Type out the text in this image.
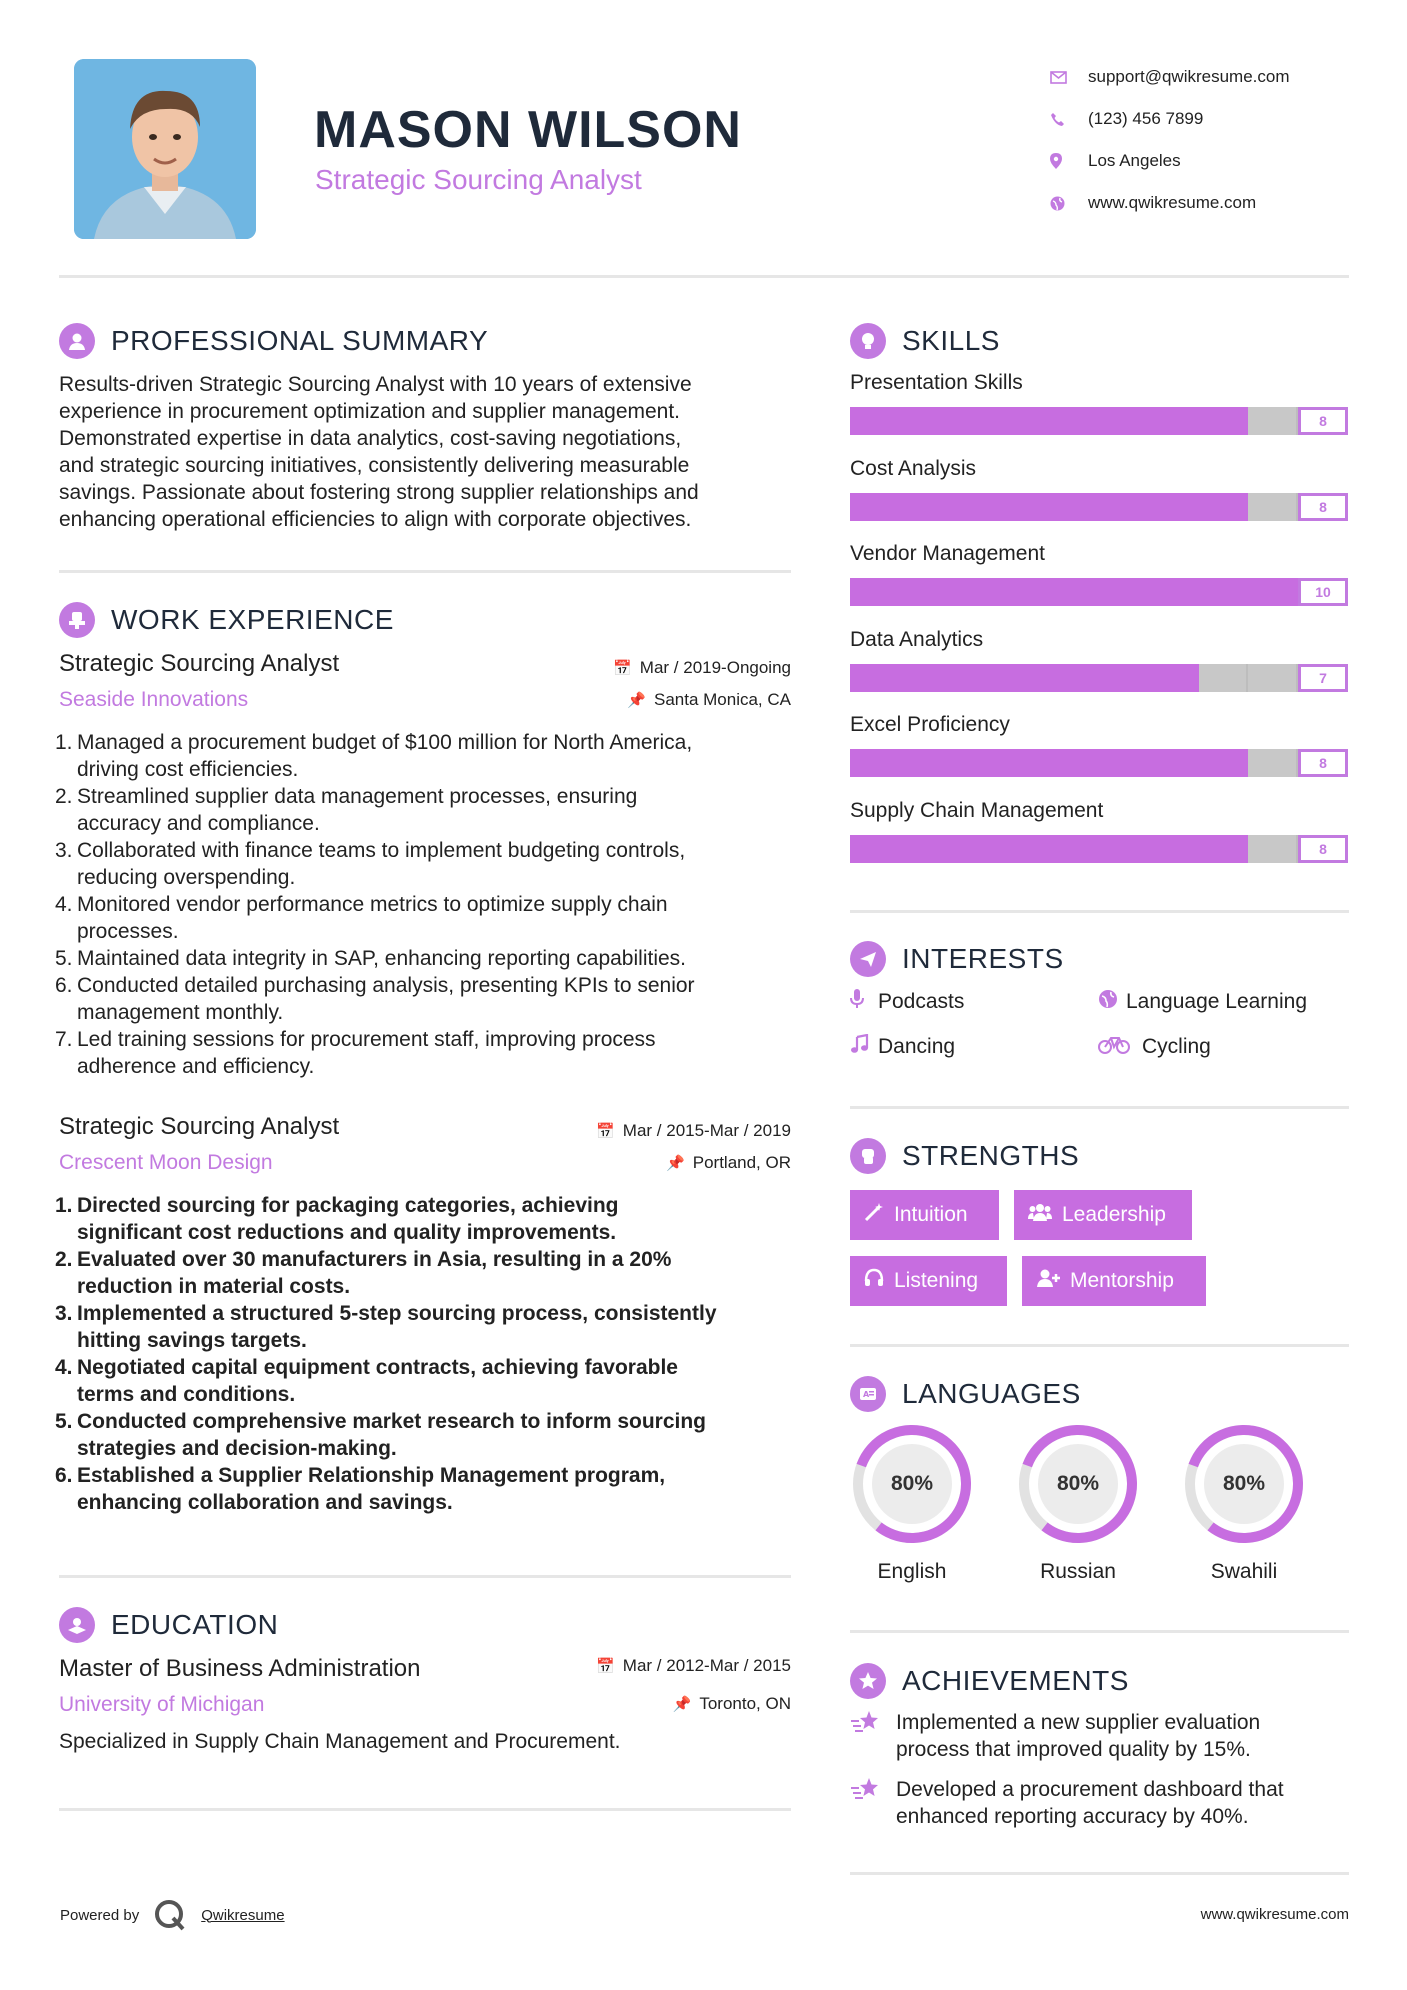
MASON WILSON
Strategic Sourcing Analyst
support@qwikresume.com
(123) 456 7899
Los Angeles
www.qwikresume.com
PROFESSIONAL SUMMARY
Results-driven Strategic Sourcing Analyst with 10 years of extensive
experience in procurement optimization and supplier management.
Demonstrated expertise in data analytics, cost-saving negotiations,
and strategic sourcing initiatives, consistently delivering measurable
savings. Passionate about fostering strong supplier relationships and
enhancing operational efficiencies to align with corporate objectives.
WORK EXPERIENCE
Strategic Sourcing Analyst	📅 Mar / 2019-Ongoing
Seaside Innovations	📌 Santa Monica, CA
1. Managed a procurement budget of $100 million for North America,
driving cost efficiencies.
2. Streamlined supplier data management processes, ensuring
accuracy and compliance.
3. Collaborated with finance teams to implement budgeting controls,
reducing overspending.
4. Monitored vendor performance metrics to optimize supply chain
processes.
5. Maintained data integrity in SAP, enhancing reporting capabilities.
6. Conducted detailed purchasing analysis, presenting KPIs to senior
management monthly.
7. Led training sessions for procurement staff, improving process
adherence and efficiency.
Strategic Sourcing Analyst	📅 Mar / 2015-Mar / 2019
Crescent Moon Design	📌 Portland, OR
1. Directed sourcing for packaging categories, achieving
significant cost reductions and quality improvements.
2. Evaluated over 30 manufacturers in Asia, resulting in a 20%
reduction in material costs.
3. Implemented a structured 5-step sourcing process, consistently
hitting savings targets.
4. Negotiated capital equipment contracts, achieving favorable
terms and conditions.
5. Conducted comprehensive market research to inform sourcing
strategies and decision-making.
6. Established a Supplier Relationship Management program,
enhancing collaboration and savings.
EDUCATION
Master of Business Administration	📅 Mar / 2012-Mar / 2015
University of Michigan	📌 Toronto, ON
Specialized in Supply Chain Management and Procurement.
SKILLS
Presentation Skills
8
Cost Analysis
8
Vendor Management
10
Data Analytics
7
Excel Proficiency
8
Supply Chain Management
8
INTERESTS
Podcasts	Language Learning
Dancing	Cycling
STRENGTHS
Intuition	Leadership
Listening	Mentorship
A LANGUAGES
80%
English
80%
Russian
80%
Swahili
ACHIEVEMENTS
Implemented a new supplier evaluation
process that improved quality by 15%.
Developed a procurement dashboard that
enhanced reporting accuracy by 40%.
Powered by	Qwikresume	www.qwikresume.com
